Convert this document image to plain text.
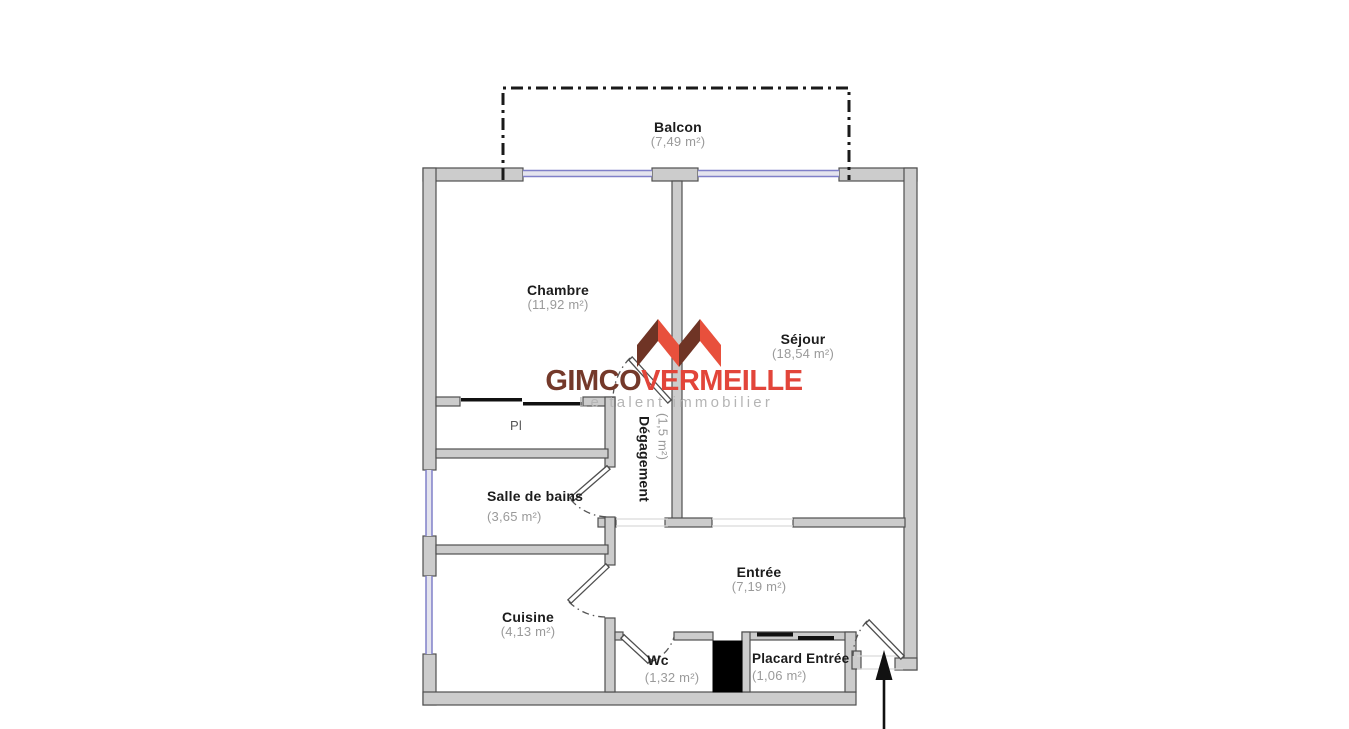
Balcon
(7,49 m²)
Chambre
(11,92 m²)
Séjour
(18,54 m²)
Pl	Dégagement (1,5 m²)
Salle de bains
(3,65 m²)
Cuisine
(4,13 m²)
Entrée
(7,19 m²)
Wc
(1,32 m²)
Placard Entrée
(1,06 m²)
GIMCOVERMEILLE
Le talent immobilier
